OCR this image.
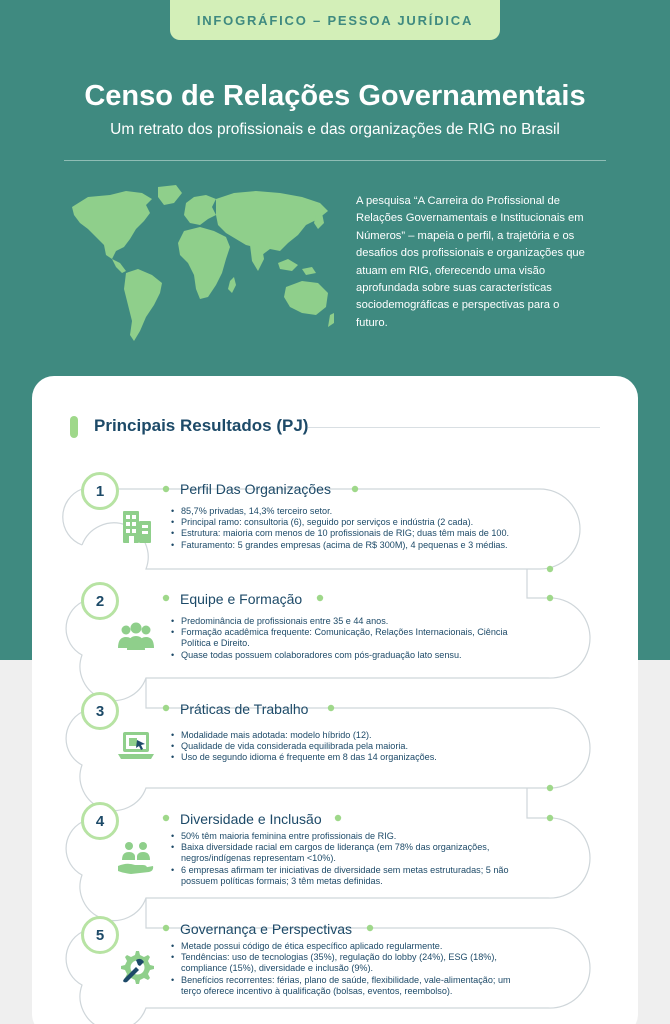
INFOGRÁFICO – PESSOA JURÍDICA
Censo de Relações Governamentais
Um retrato dos profissionais e das organizações de RIG no Brasil

A pesquisa “A Carreira do Profissional de Relações Governamentais e Institucionais em Números” – mapeia o perfil, a trajetória e os desafios dos profissionais e organizações que atuam em RIG, oferecendo uma visão aprofundada sobre suas características sociodemográficas e perspectivas para o futuro.

Principais Resultados (PJ)
1	Perfil Das Organizações
• 85,7% privadas, 14,3% terceiro setor.
• Principal ramo: consultoria (6), seguido por serviços e indústria (2 cada).
• Estrutura: maioria com menos de 10 profissionais de RIG; duas têm mais de 100.
• Faturamento: 5 grandes empresas (acima de R$ 300M), 4 pequenas e 3 médias.
2	Equipe e Formação
• Predominância de profissionais entre 35 e 44 anos.
• Formação acadêmica frequente: Comunicação, Relações Internacionais, Ciência Política e Direito.
• Quase todas possuem colaboradores com pós-graduação lato sensu.
3	Práticas de Trabalho
• Modalidade mais adotada: modelo híbrido (12).
• Qualidade de vida considerada equilibrada pela maioria.
• Uso de segundo idioma é frequente em 8 das 14 organizações.
4	Diversidade e Inclusão
• 50% têm maioria feminina entre profissionais de RIG.
• Baixa diversidade racial em cargos de liderança (em 78% das organizações, negros/indígenas representam <10%).
• 6 empresas afirmam ter iniciativas de diversidade sem metas estruturadas; 5 não possuem políticas formais; 3 têm metas definidas.
5	Governança e Perspectivas
• Metade possui código de ética específico aplicado regularmente.
• Tendências: uso de tecnologias (35%), regulação do lobby (24%), ESG (18%), compliance (15%), diversidade e inclusão (9%).
• Benefícios recorrentes: férias, plano de saúde, flexibilidade, vale-alimentação; um terço oferece incentivo à qualificação (bolsas, eventos, reembolso).
